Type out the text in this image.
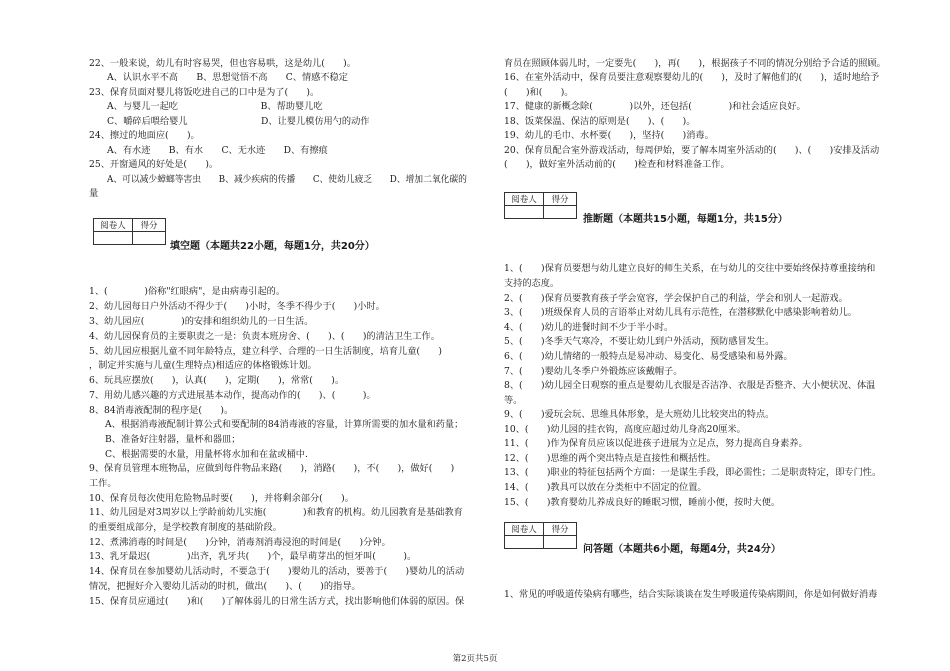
22、一般来说，幼儿有时容易哭，但也容易哄，这是幼儿(　　)。
A、认识水平不高　　B、思想觉悟不高　　C、情感不稳定
23、保育员面对婴儿将饭吃进自己的口中是为了(　　)。
A、与婴儿一起吃　　　　　　　　　B、帮助婴儿吃
C、嚼碎后喂给婴儿　　　　　　　　D、让婴儿模仿用勺的动作
24、擦过的地面应(　　)。
A、有水迹　　B、有水　　C、无水迹　　D、有擦痕
25、开窗通风的好处是(　　)。
A、可以减少蟑螂等害虫　　B、减少疾病的传播　　C、使幼儿疲乏　　D、增加二氧化碳的
量
阅卷人	得分

填空题（本题共22小题，每题1分，共20分）
1、(　　　　)俗称"红眼病"，是由病毒引起的。
2、幼儿园每日户外活动不得少于(　　)小时，冬季不得少于(　　)小时。
3、幼儿园应(　　　　)的安排和组织幼儿的一日生活。
4、幼儿园保育员的主要职责之一是：负责本班房舍、(　　)、(　　)的清洁卫生工作。
5、幼儿园应根据儿童不同年龄特点，建立科学、合理的一日生活制度，培育儿童(　　)
，制定并实施与儿童(生理特点)相适应的体格锻炼计划。
6、玩具应摆放(　　)，认真(　　)，定期(　　)，常常(　　)。
7、用幼儿感兴趣的方式进展基本动作，提高动作的(　　)、(　　　)。
8、84消毒液配制的程序是(　　)。
A、根据消毒液配制计算公式和要配制的84消毒液的容量，计算所需要的加水量和药量；
B、准备好注射器，量杯和器皿；
C、根据需要的水量，用量杯将水加和在盆或桶中.
9、保育员管理本班物品，应做到每件物品来路(　　)，消路(　　)，不(　　)，做好(　　)
工作。
10、保育员每次使用危险物品时要(　　)，并将剩余部分(　　)。
11、幼儿园是对3周岁以上学龄前幼儿实施(　　　　)和教育的机构。幼儿园教育是基础教育
的重要组成部分，是学校教育制度的基础阶段。
12、煮沸消毒的时间是(　　)分钟，消毒剂消毒浸泡的时间是(　　)分钟。
13、乳牙最迟(　　　　)出齐，乳牙共(　　)个，最早萌芽出的恒牙叫(　　　)。
14、保育员在参加婴幼儿活动时，不要急于(　　)婴幼儿的活动，要善于(　　)婴幼儿的活动
情况，把握好介入婴幼儿活动的时机，做出(　　)、(　　)的指导。
15、保育员应通过(　　)和(　　)了解体弱儿的日常生活方式，找出影响他们体弱的原因。保
育员在照顾体弱儿时，一定要先(　　)，再(　　)，根据孩子不同的情况分别给予合适的照顾。
16、在室外活动中，保育员要注意观察婴幼儿的(　　)，及时了解他们的(　　)，适时地给予
(　　)和(　　)。
17、健康的新概念除(　　　　)以外，还包括(　　　　)和社会适应良好。
18、饭菜保温、保洁的原则是(　　)、(　　)。
19、幼儿的毛巾、水杯要(　　)，坚持(　　)消毒。
20、保育员配合室外游戏活动，每周伊始，要了解本周室外活动的(　　)、(　　)安排及活动
(　　)，做好室外活动前的(　　)检查和材料准备工作。
阅卷人	得分

推断题（本题共15小题，每题1分，共15分）
1、(　　)保育员要想与幼儿建立良好的师生关系，在与幼儿的交往中要始终保持尊重接纳和
支持的态度。
2、(　　)保育员要教育孩子学会宽容，学会保护自己的利益，学会和别人一起游戏。
3、(　　)班级保育人员的言语举止对幼儿具有示范性，在潜移默化中感染影响着幼儿。
4、(　　)幼儿的进餐时间不少于半小时。
5、(　　)冬季天气寒冷，不要让幼儿到户外活动，预防感冒发生。
6、(　　)幼儿情绪的一般特点是易冲动、易变化、易受感染和易外露。
7、(　　)婴幼儿冬季户外锻炼应该戴帽子。
8、(　　)幼儿园全日观察的重点是婴幼儿衣服是否洁净、衣服是否整齐、大小便状况、体温
等。
9、(　　)爱玩会玩、思维具体形象，是大班幼儿比较突出的特点。
10、(　　)幼儿园的挂衣钩，高度应超过幼儿身高20厘米。
11、(　　)作为保育员应该以促进孩子进展为立足点，努力提高自身素养。
12、(　　)思维的两个突出特点是直接性和概括性。
13、(　　)职业的特征包括两个方面：一是谋生手段，即必需性；二是职责特定，即专门性。
14、(　　)教具可以放在分类柜中不固定的位置。
15、(　　)教育婴幼儿养成良好的睡眠习惯，睡前小便，按时大便。
阅卷人	得分

问答题（本题共6小题，每题4分，共24分）
1、常见的呼吸道传染病有哪些，结合实际谈谈在发生呼吸道传染病期间，你是如何做好消毒
第2页共5页
